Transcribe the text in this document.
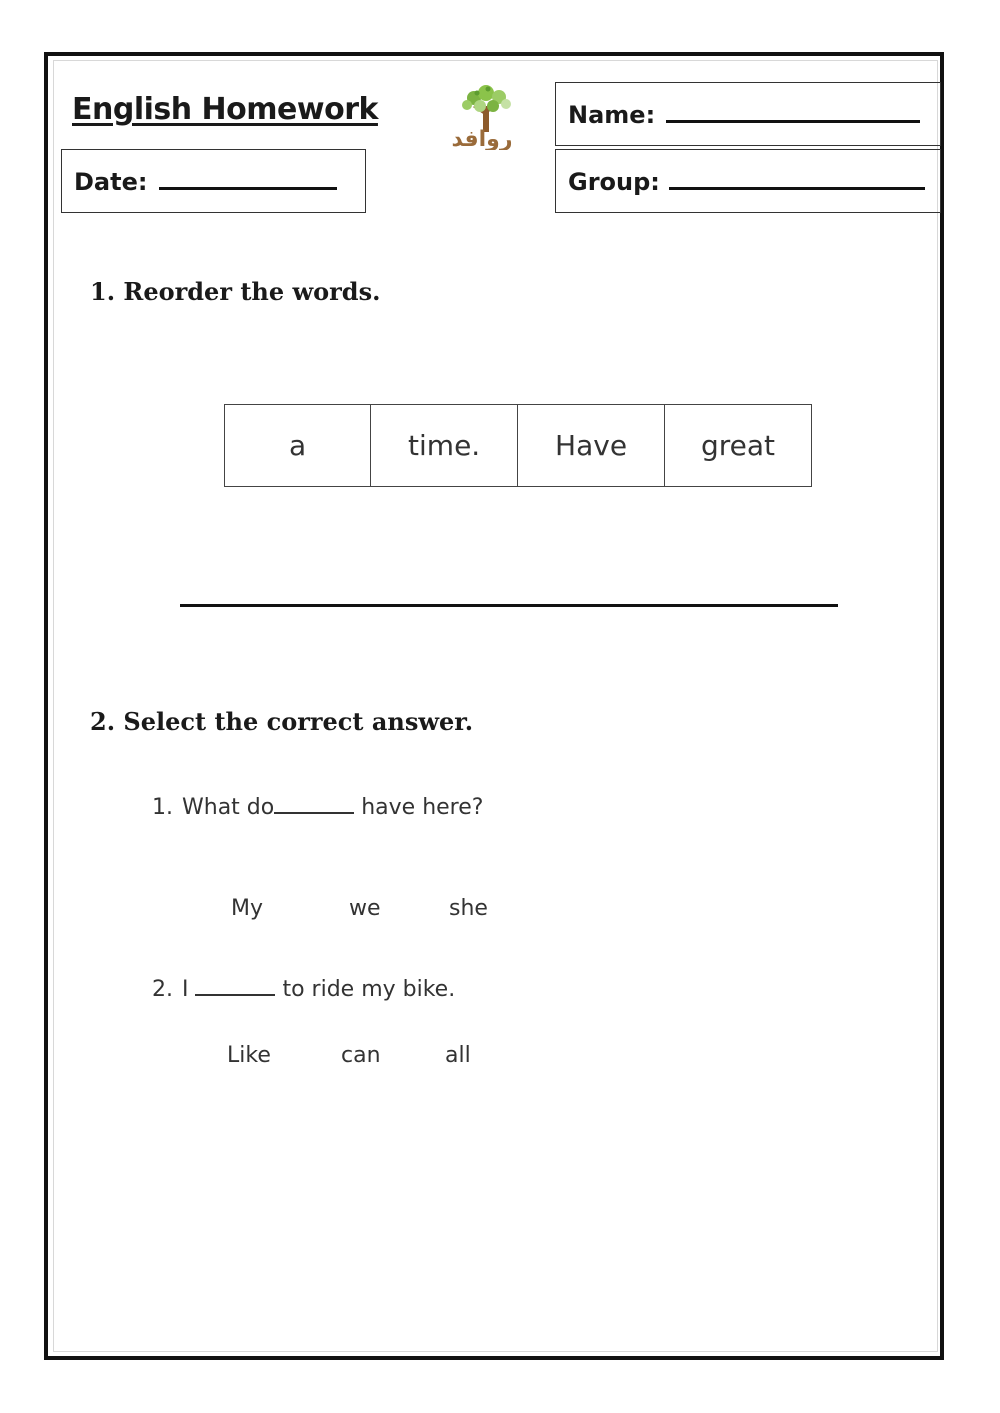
English Homework
روافد
Name:
Date:	Group:
1. Reorder the words.
a	time.	Have	great
2. Select the correct answer.
1. What do	have here?
My	we	she
2. I	to ride my bike.
Like	can	all
